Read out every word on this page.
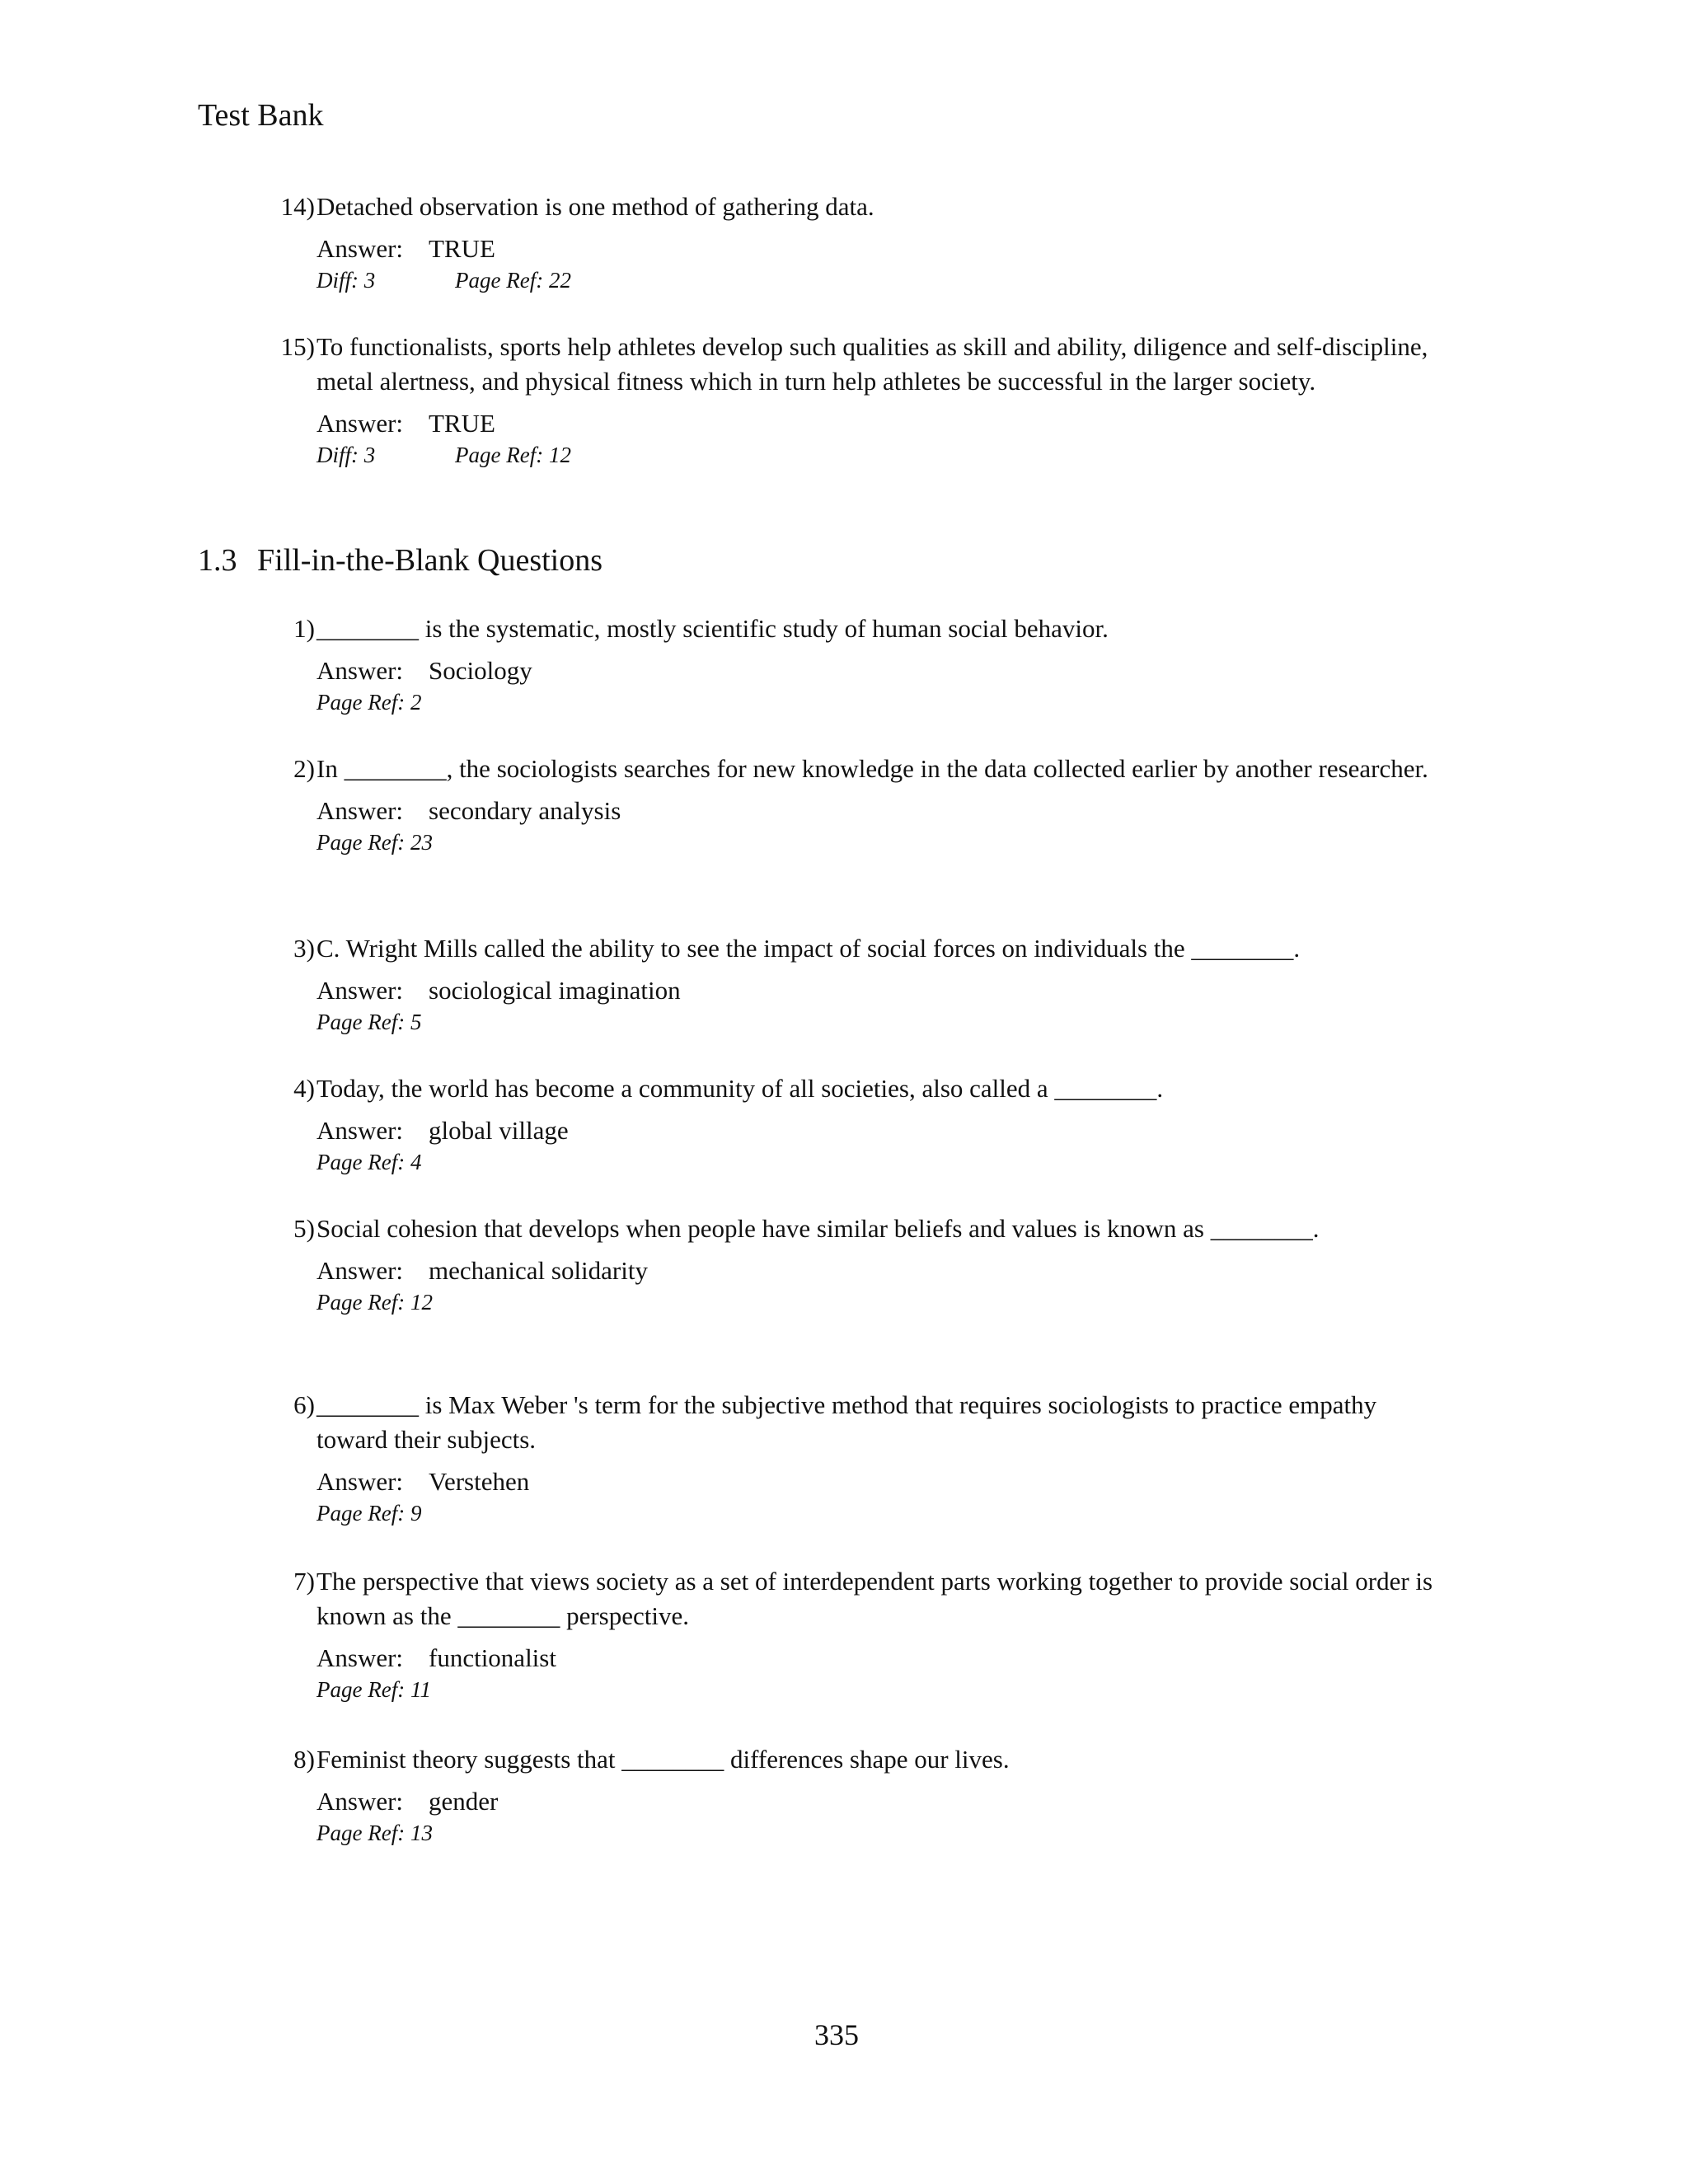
Test Bank
14) Detached observation is one method of gathering data.
Answer: TRUE
Diff: 3	Page Ref: 22
15) To functionalists, sports help athletes develop such qualities as skill and ability, diligence and self-discipline, metal alertness, and physical fitness which in turn help athletes be successful in the larger society.
Answer: TRUE
Diff: 3	Page Ref: 12
1.3 Fill-in-the-Blank Questions
1) ________ is the systematic, mostly scientific study of human social behavior.
Answer: Sociology
Page Ref: 2
2) In ________, the sociologists searches for new knowledge in the data collected earlier by another researcher.
Answer: secondary analysis
Page Ref: 23
3) C. Wright Mills called the ability to see the impact of social forces on individuals the ________.
Answer: sociological imagination
Page Ref: 5
4) Today, the world has become a community of all societies, also called a ________.
Answer: global village
Page Ref: 4
5) Social cohesion that develops when people have similar beliefs and values is known as ________.
Answer: mechanical solidarity
Page Ref: 12
6) ________ is Max Weber 's term for the subjective method that requires sociologists to practice empathy toward their subjects.
Answer: Verstehen
Page Ref: 9
7) The perspective that views society as a set of interdependent parts working together to provide social order is known as the ________ perspective.
Answer: functionalist
Page Ref: 11
8) Feminist theory suggests that ________ differences shape our lives.
Answer: gender
Page Ref: 13
335
